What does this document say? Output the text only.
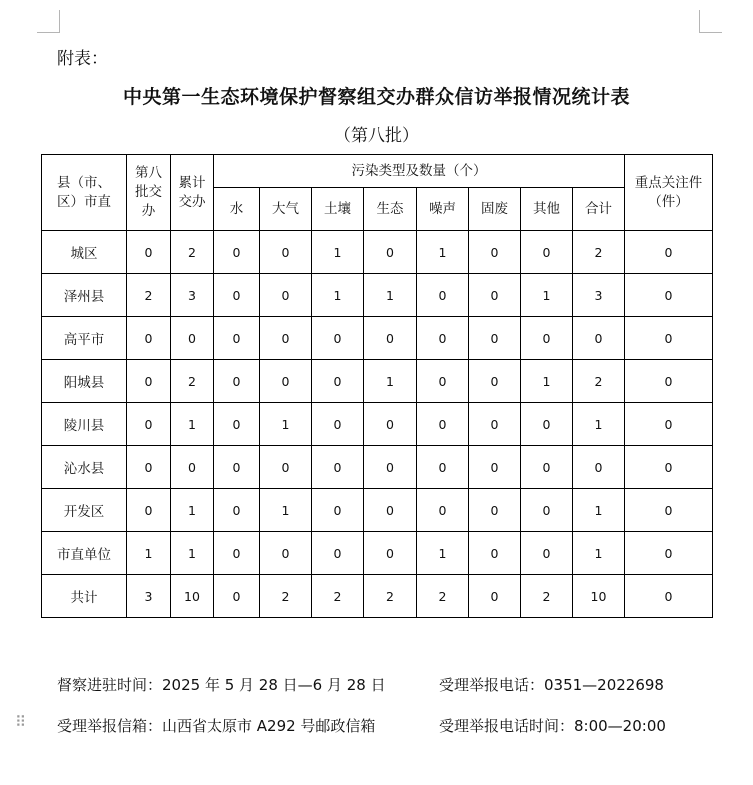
附表：
中央第一生态环境保护督察组交办群众信访举报情况统计表
（第八批）
县（市、区）市直	第八批交办	累计交办	污染类型及数量（个）								重点关注件（件）

			水	大气	土壤	生态	噪声	固废	其他	合计	
城区	0	2	0	0	1	0	1	0	0	2	0
泽州县	2	3	0	0	1	1	0	0	1	3	0
高平市	0	0	0	0	0	0	0	0	0	0	0
阳城县	0	2	0	0	0	1	0	0	1	2	0
陵川县	0	1	0	1	0	0	0	0	0	1	0
沁水县	0	0	0	0	0	0	0	0	0	0	0
开发区	0	1	0	1	0	0	0	0	0	1	0
市直单位	1	1	0	0	0	0	1	0	0	1	0
共计	3	10	0	2	2	2	2	0	2	10	0
督察进驻时间：2025 年 5 月 28 日—6 月 28 日	受理举报电话：0351—2022698
⠿ 受理举报信箱：山西省太原市 A292 号邮政信箱	受理举报电话时间：8:00—20:00
